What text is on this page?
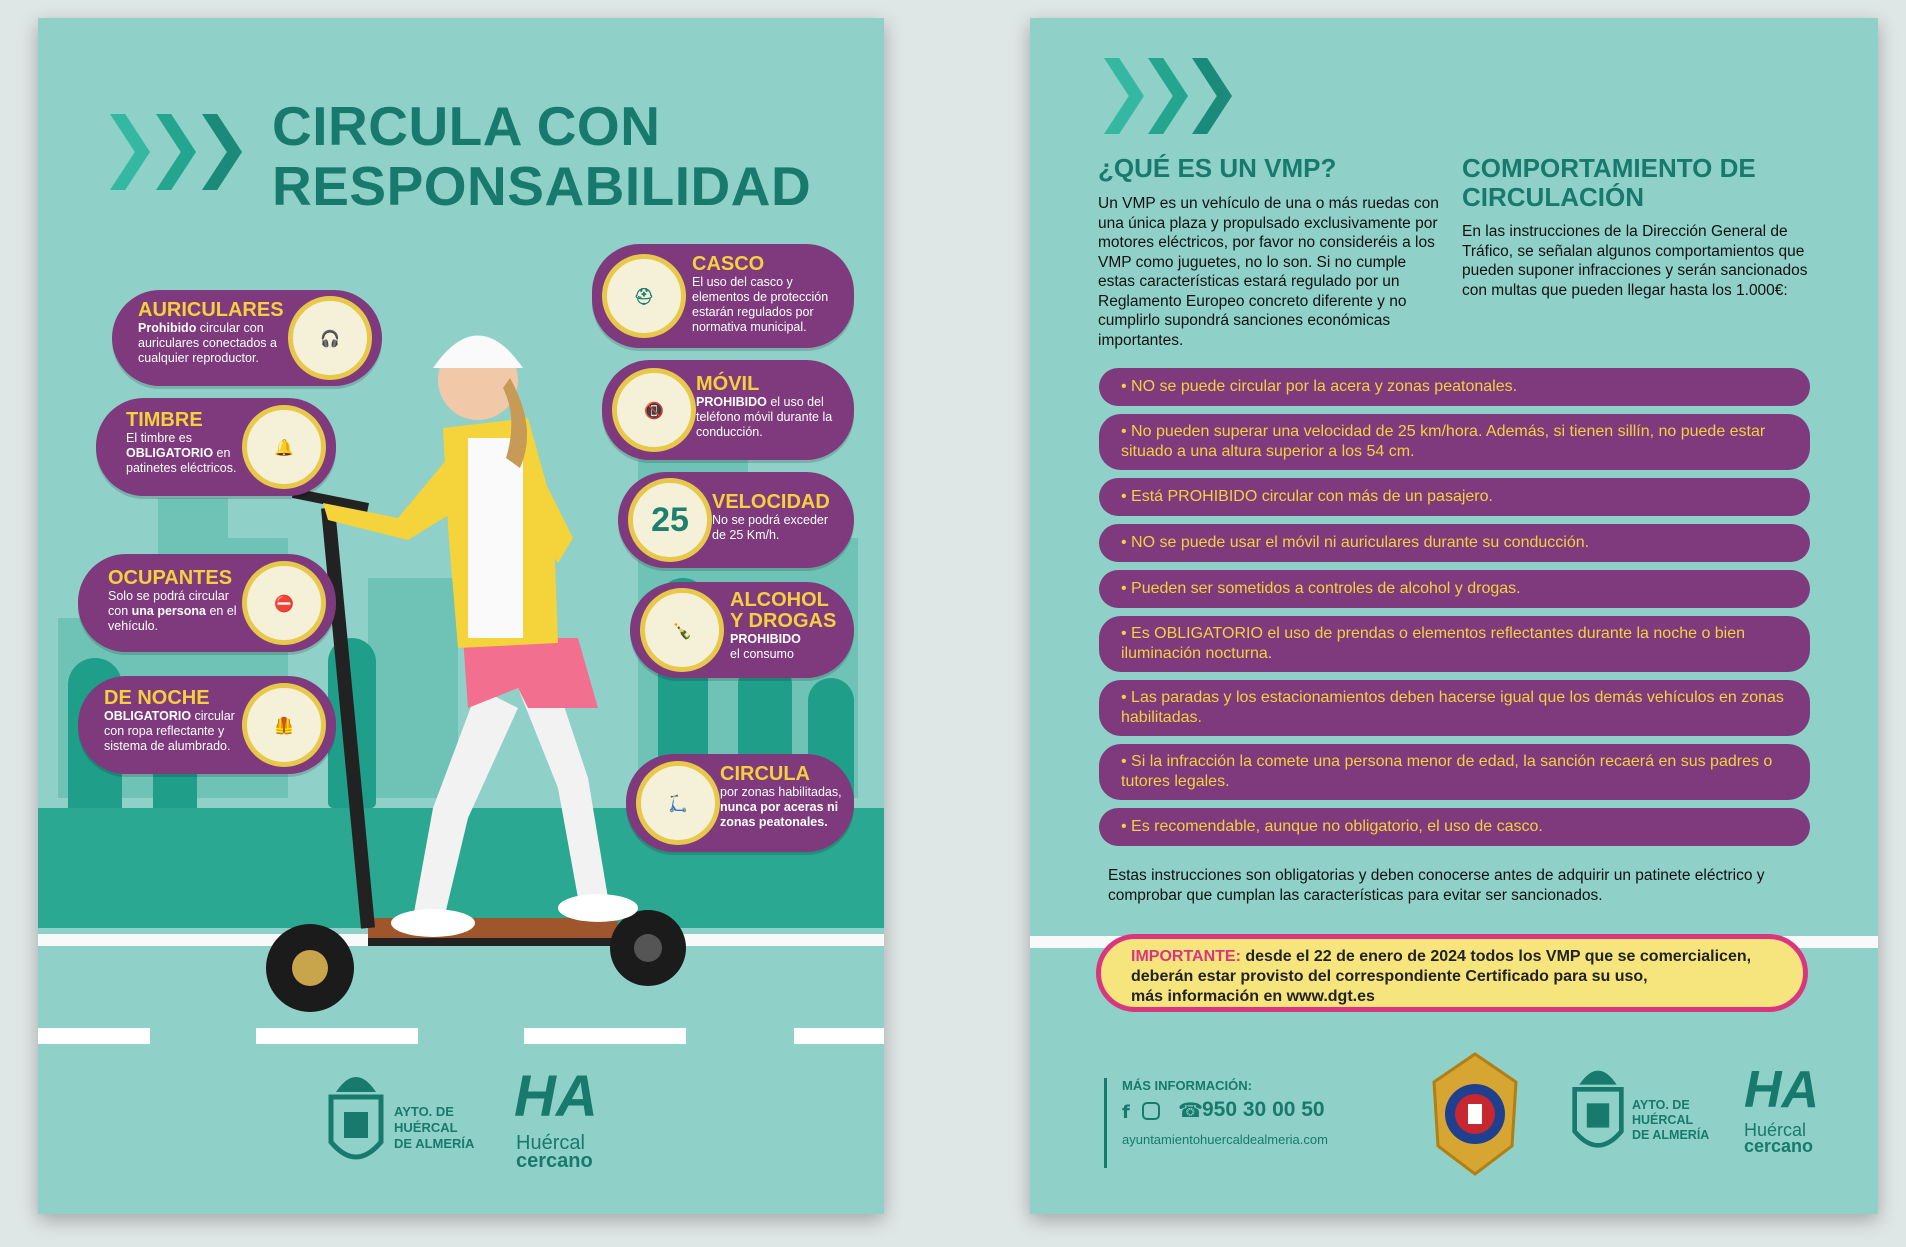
CIRCULA CON
RESPONSABILIDAD
AURICULARES
Prohibido circular con auriculares conectados a cualquier reproductor.
🎧
TIMBRE
El timbre es OBLIGATORIO en patinetes eléctricos.
🔔
OCUPANTES
Solo se podrá circular con una persona en el vehículo.
⛔
DE NOCHE
OBLIGATORIO circular con ropa reflectante y sistema de alumbrado.
🦺
⛑
CASCO
El uso del casco y elementos de protección estarán regulados por normativa municipal.
📵
MÓVIL
PROHIBIDO el uso del teléfono móvil durante la conducción.
25	VELOCIDAD
No se podrá exceder de 25 Km/h.
🍾
ALCOHOL
Y DROGAS
PROHIBIDO
el consumo
🛴
CIRCULA
por zonas habilitadas, nunca por aceras ni zonas peatonales.
AYTO. DE
HUÉRCAL
DE ALMERÍA
HA
Huércal
cercano
¿QUÉ ES UN VMP?
Un VMP es un vehículo de una o más ruedas con una única plaza y propulsado exclusivamente por motores eléctricos, por favor no consideréis a los VMP como juguetes, no lo son. Si no cumple estas características estará regulado por un Reglamento Europeo concreto diferente y no cumplirlo supondrá sanciones económicas importantes.
COMPORTAMIENTO DE
CIRCULACIÓN
En las instrucciones de la Dirección General de Tráfico, se señalan algunos comportamientos que pueden suponer infracciones y serán sancionados con multas que pueden llegar hasta los 1.000€:
• NO se puede circular por la acera y zonas peatonales.
• No pueden superar una velocidad de 25 km/hora. Además, si tienen sillín, no puede estar situado a una altura superior a los 54 cm.
• Está PROHIBIDO circular con más de un pasajero.
• NO se puede usar el móvil ni auriculares durante su conducción.
• Pueden ser sometidos a controles de alcohol y drogas.
• Es OBLIGATORIO el uso de prendas o elementos reflectantes durante la noche o bien iluminación nocturna.
• Las paradas y los estacionamientos deben hacerse igual que los demás vehículos en zonas habilitadas.
• Si la infracción la comete una persona menor de edad, la sanción recaerá en sus padres o tutores legales.
• Es recomendable, aunque no obligatorio, el uso de casco.
Estas instrucciones son obligatorias y deben conocerse antes de adquirir un patinete eléctrico y comprobar que cumplan las características para evitar ser sancionados.
IMPORTANTE: desde el 22 de enero de 2024 todos los VMP que se comercialicen,
deberán estar provisto del correspondiente Certificado para su uso,
más información en www.dgt.es
MÁS INFORMACIÓN:
f ☎ 950 30 00 50
ayuntamientohuercaldealmeria.com
AYTO. DE
HUÉRCAL
DE ALMERÍA
HA
Huércal
cercano
